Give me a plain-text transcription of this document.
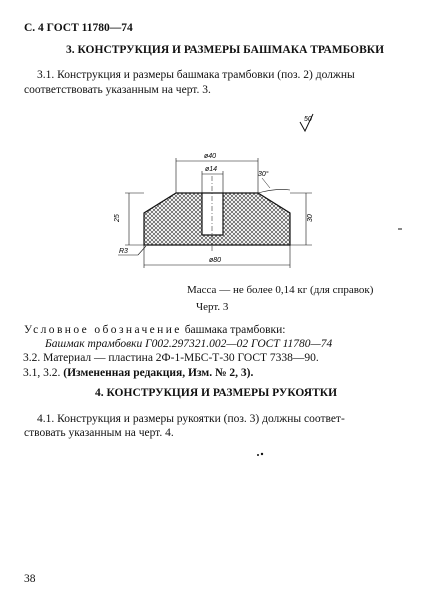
С. 4 ГОСТ 11780—74
3. КОНСТРУКЦИЯ И РАЗМЕРЫ БАШМАКА ТРАМБОВКИ
3.1. Конструкция и размеры башмака трамбовки (поз. 2) должны
соответствовать указанным на черт. 3.
50
ø40
ø14
30°
25	30
R3
ø80
Масса — не более 0,14 кг (для справок)
Черт. 3
Условное обозначение башмака трамбовки:
Башмак трамбовки Г002.297321.002—02 ГОСТ 11780—74
3.2. Материал — пластина 2Ф-1-МБС-Т-30 ГОСТ 7338—90.
3.1, 3.2. (Измененная редакция, Изм. № 2, 3).
4. КОНСТРУКЦИЯ И РАЗМЕРЫ РУКОЯТКИ
4.1. Конструкция и размеры рукоятки (поз. 3) должны соответ-
ствовать указанным на черт. 4.
38
